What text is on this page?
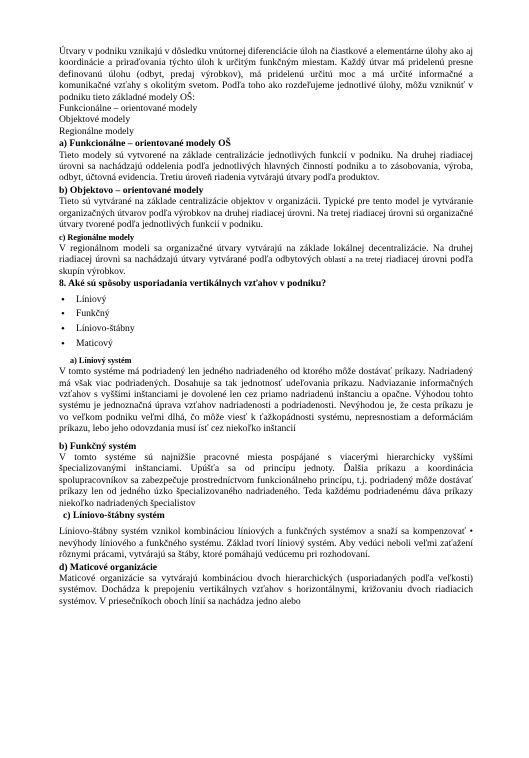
Útvary v podniku vznikajú v dôsledku vnútornej diferenciácie úloh na čiastkové a elementárne úlohy ako aj koordinácie a priraďovania týchto úloh k určitým funkčným miestam. Každý útvar má pridelenú presne definovanú úlohu (odbyt, predaj výrobkov), má pridelenú určitú moc a má určité informačné a komunikačné vzťahy s okolitým svetom. Podľa toho ako rozdeľujeme jednotlivé úlohy, môžu vzniknúť v podniku tieto základné modely OŠ:

Funkcionálne – orientované modely
Objektové modely
Regionálne modely
a) Funkcionálne – orientované modely OŠ

Tieto modely sú vytvorené na základe centralizácie jednotlivých funkcií v podniku. Na druhej riadiacej úrovni sa nachádzajú oddelenia podľa jednotlivých hlavných činností podniku a to zásobovania, výroba, odbyt, účtovná evidencia. Tretiu úroveň riadenia vytvárajú útvary podľa produktov.

b) Objektovo – orientované modely

Tieto sú vytvárané na základe centralizácie objektov v organizácii. Typické pre tento model je vytváranie organizačných útvarov podľa výrobkov na druhej riadiacej úrovni. Na tretej riadiacej úrovni sú organizačné útvary tvorené podľa jednotlivých funkcií v podniku.

c) Regionálne modely

V regionálnom modeli sa organizačné útvary vytvárajú na základe lokálnej decentralizácie. Na druhej riadiacej úrovni sa nachádzajú útvary vytvárané podľa odbytových oblastí a na tretej riadiacej úrovni podľa skupín výrobkov.

8. Aké sú spôsoby usporiadania vertikálnych vzťahov v podniku?
• Líniový
• Funkčný
• Líniovo-štábny
• Maticový
a) Líniový systém

V tomto systéme má podriadený len jedného nadriadeného od ktorého môže dostávať príkazy. Nadriadený má však viac podriadených. Dosahuje sa tak jednotnosť udeľovania príkazu. Nadviazanie informačných vzťahov s vyššími inštanciami je dovolené len cez priamo nadriadenú inštanciu a opačne. Výhodou tohto systému je jednoznačná úprava vzťahov nadriadenosti a podriadenosti. Nevýhodou je, že cesta príkazu je vo veľkom podniku veľmi dlhá, čo môže viesť k ťažkopádnosti systému, nepresnostiam a deformáciám príkazu, lebo jeho odovzdania musí ísť cez niekoľko inštancií

b) Funkčný systém

V tomto systéme sú najnižšie pracovné miesta pospájané s viacerými hierarchicky vyššími špecializovanými inštanciami. Upúšťa sa od princípu jednoty. Ďalšia príkazu a koordinácia spolupracovníkov sa zabezpečuje prostredníctvom funkcionálneho princípu, t.j. podriadený môže dostávať príkazy len od jedného úzko špecializovaného nadriadeného. Teda každému podriadenému dáva príkazy niekoľko nadriadených špecialistov

c) Líniovo-štábny systém

Líniovo-štábny systém vznikol kombináciou líniových a funkčných systémov a snaží sa kompenzovať • nevýhody líniového a funkčného systému. Základ tvorí líniový systém. Aby vedúci neboli veľmi zaťažení rôznymi prácami, vytvárajú sa štáby, ktoré pomáhajú vedúcemu pri rozhodovaní.

d) Maticové organizácie

Maticové organizácie sa vytvárajú kombináciou dvoch hierarchických (usporiadaných podľa veľkosti) systémov. Dochádza k prepojeniu vertikálnych vzťahov s horizontálnymi, križovaniu dvoch riadiacich systémov. V priesečníkoch oboch línií sa nachádza jedno alebo
